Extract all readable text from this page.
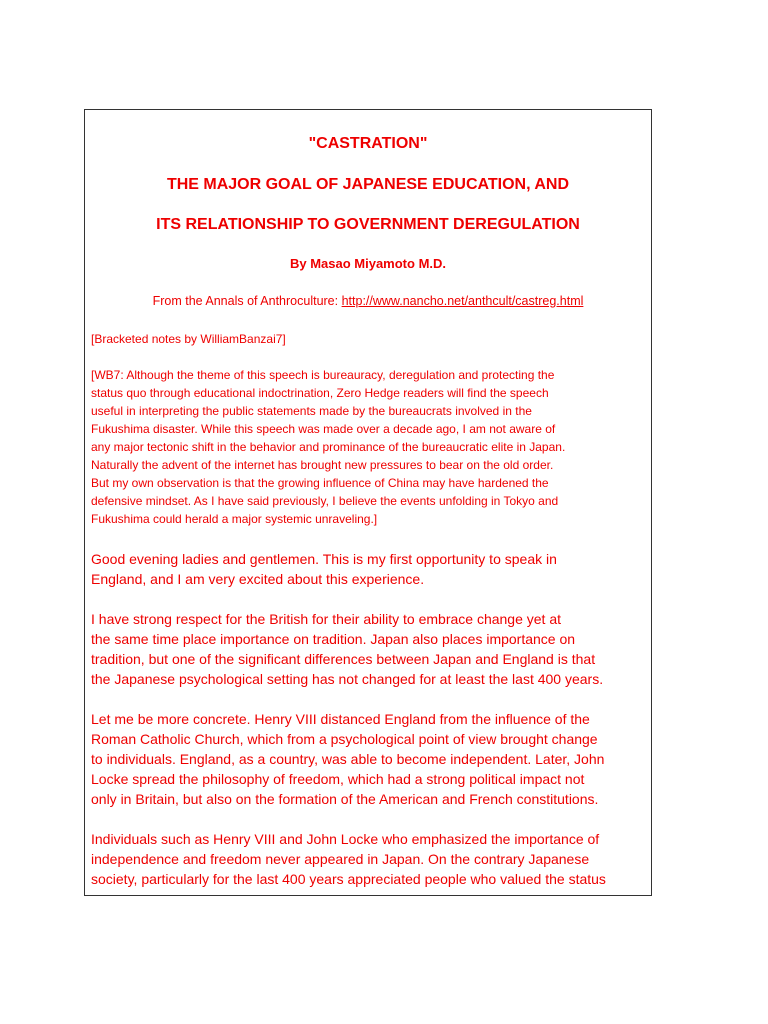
"CASTRATION"
THE MAJOR GOAL OF JAPANESE EDUCATION, AND
ITS RELATIONSHIP TO GOVERNMENT DEREGULATION
By Masao Miyamoto M.D.
From the Annals of Anthroculture: http://www.nancho.net/anthcult/castreg.html

[Bracketed notes by WilliamBanzai7]

[WB7: Although the theme of this speech is bureauracy, deregulation and protecting the
status quo through educational indoctrination, Zero Hedge readers will find the speech
useful in interpreting the public statements made by the bureaucrats involved in the
Fukushima disaster. While this speech was made over a decade ago, I am not aware of
any major tectonic shift in the behavior and prominance of the bureaucratic elite in Japan.
Naturally the advent of the internet has brought new pressures to bear on the old order.
But my own observation is that the growing influence of China may have hardened the
defensive mindset. As I have said previously, I believe the events unfolding in Tokyo and
Fukushima could herald a major systemic unraveling.]

Good evening ladies and gentlemen. This is my first opportunity to speak in
England, and I am very excited about this experience.

I have strong respect for the British for their ability to embrace change yet at
the same time place importance on tradition. Japan also places importance on
tradition, but one of the significant differences between Japan and England is that
the Japanese psychological setting has not changed for at least the last 400 years.

Let me be more concrete. Henry VIII distanced England from the influence of the
Roman Catholic Church, which from a psychological point of view brought change
to individuals. England, as a country, was able to become independent. Later, John
Locke spread the philosophy of freedom, which had a strong political impact not
only in Britain, but also on the formation of the American and French constitutions.

Individuals such as Henry VIII and John Locke who emphasized the importance of
independence and freedom never appeared in Japan. On the contrary Japanese
society, particularly for the last 400 years appreciated people who valued the status
